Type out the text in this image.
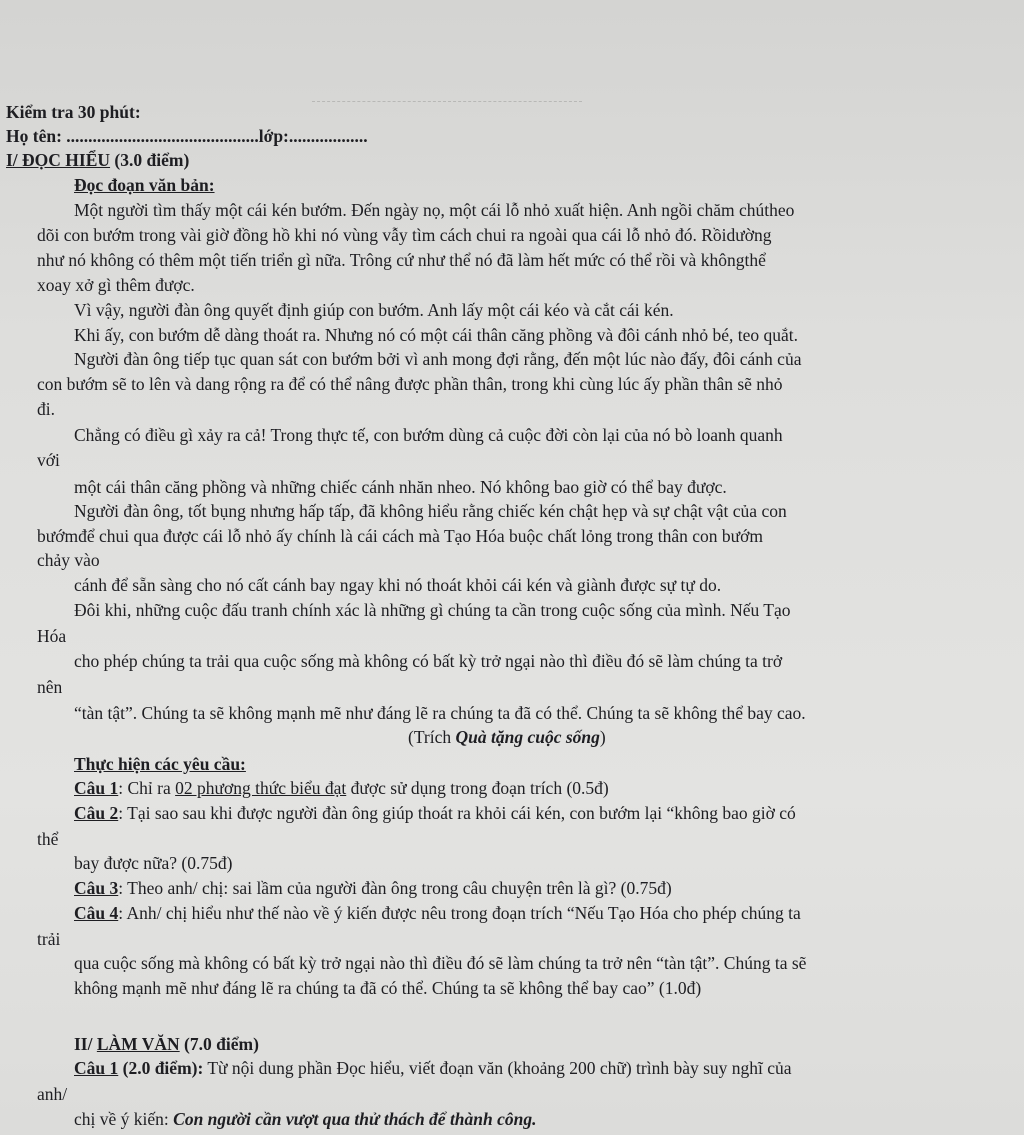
Kiểm tra 30 phút:
Họ tên: ............................................lớp:..................
I/ ĐỌC HIỂU (3.0 điểm)
Đọc đoạn văn bản:
Một người tìm thấy một cái kén bướm. Đến ngày nọ, một cái lỗ nhỏ xuất hiện. Anh ngồi chăm chútheo
dõi con bướm trong vài giờ đồng hồ khi nó vùng vẫy tìm cách chui ra ngoài qua cái lỗ nhỏ đó. Rồidường
như nó không có thêm một tiến triển gì nữa. Trông cứ như thể nó đã làm hết mức có thể rồi và khôngthể
xoay xở gì thêm được.
Vì vậy, người đàn ông quyết định giúp con bướm. Anh lấy một cái kéo và cắt cái kén.
Khi ấy, con bướm dễ dàng thoát ra. Nhưng nó có một cái thân căng phồng và đôi cánh nhỏ bé, teo quắt.
Người đàn ông tiếp tục quan sát con bướm bởi vì anh mong đợi rằng, đến một lúc nào đấy, đôi cánh của
con bướm sẽ to lên và dang rộng ra để có thể nâng được phần thân, trong khi cùng lúc ấy phần thân sẽ nhỏ
đi.
Chẳng có điều gì xảy ra cả! Trong thực tế, con bướm dùng cả cuộc đời còn lại của nó bò loanh quanh
với
một cái thân căng phồng và những chiếc cánh nhăn nheo. Nó không bao giờ có thể bay được.
Người đàn ông, tốt bụng nhưng hấp tấp, đã không hiểu rằng chiếc kén chật hẹp và sự chật vật của con
bướmđể chui qua được cái lỗ nhỏ ấy chính là cái cách mà Tạo Hóa buộc chất lỏng trong thân con bướm
chảy vào
cánh để sẵn sàng cho nó cất cánh bay ngay khi nó thoát khỏi cái kén và giành được sự tự do.
Đôi khi, những cuộc đấu tranh chính xác là những gì chúng ta cần trong cuộc sống của mình. Nếu Tạo
Hóa
cho phép chúng ta trải qua cuộc sống mà không có bất kỳ trở ngại nào thì điều đó sẽ làm chúng ta trở
nên
“tàn tật”. Chúng ta sẽ không mạnh mẽ như đáng lẽ ra chúng ta đã có thể. Chúng ta sẽ không thể bay cao.
(Trích Quà tặng cuộc sống)
Thực hiện các yêu cầu:
Câu 1: Chỉ ra 02 phương thức biểu đạt được sử dụng trong đoạn trích (0.5đ)
Câu 2: Tại sao sau khi được người đàn ông giúp thoát ra khỏi cái kén, con bướm lại “không bao giờ có
thể
bay được nữa? (0.75đ)
Câu 3: Theo anh/ chị: sai lầm của người đàn ông trong câu chuyện trên là gì? (0.75đ)
Câu 4: Anh/ chị hiểu như thế nào về ý kiến được nêu trong đoạn trích “Nếu Tạo Hóa cho phép chúng ta
trải
qua cuộc sống mà không có bất kỳ trở ngại nào thì điều đó sẽ làm chúng ta trở nên “tàn tật”. Chúng ta sẽ
không mạnh mẽ như đáng lẽ ra chúng ta đã có thể. Chúng ta sẽ không thể bay cao” (1.0đ)
II/ LÀM VĂN (7.0 điểm)
Câu 1 (2.0 điểm): Từ nội dung phần Đọc hiểu, viết đoạn văn (khoảng 200 chữ) trình bày suy nghĩ của
anh/
chị về ý kiến: Con người cần vượt qua thử thách để thành công.
